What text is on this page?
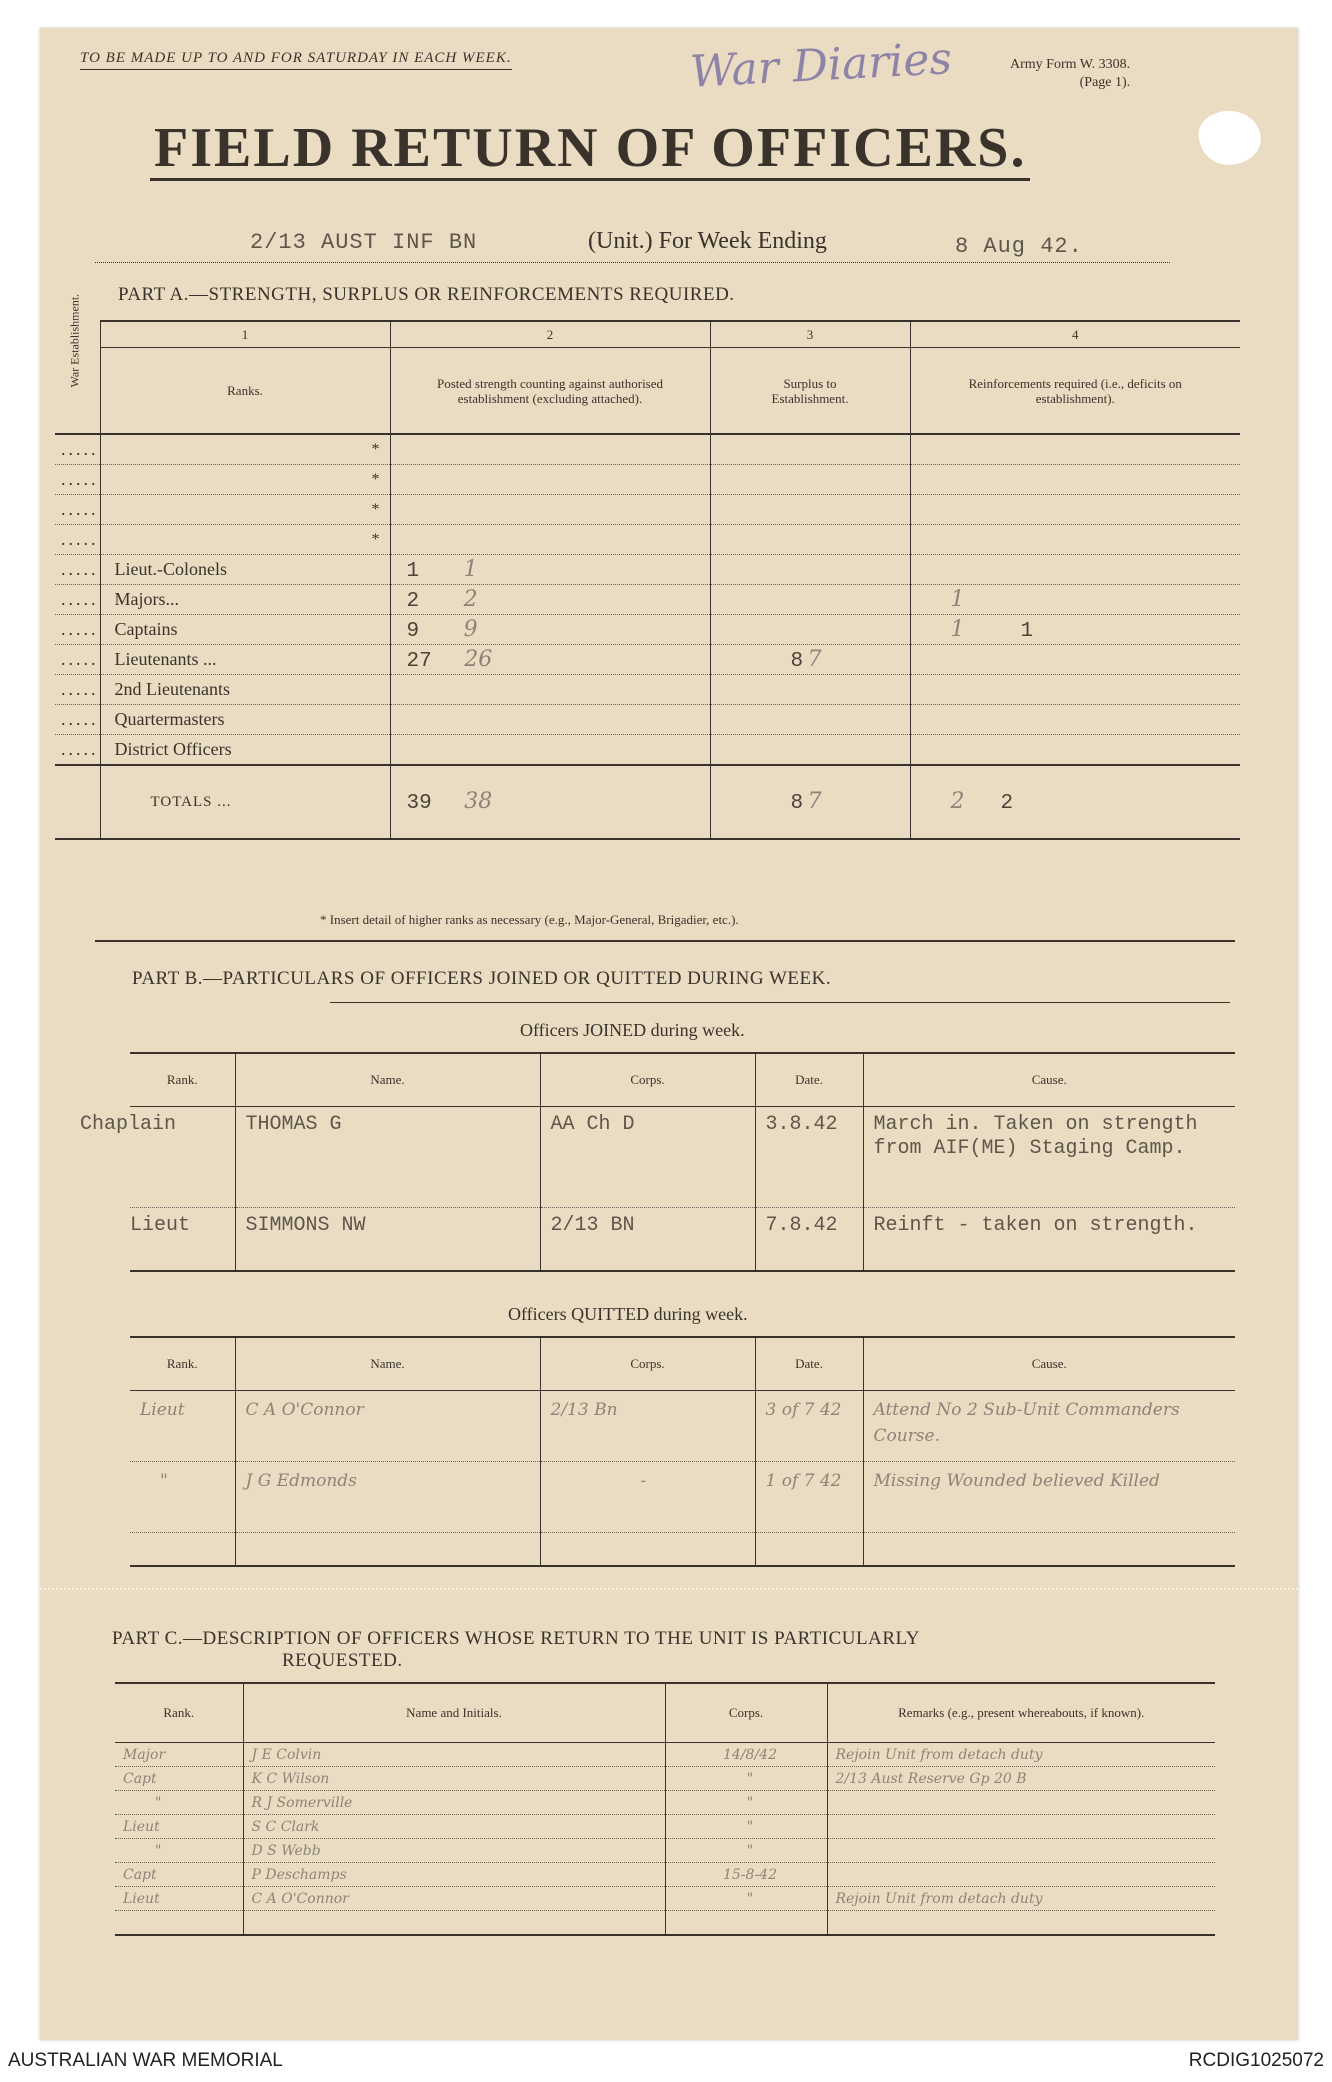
TO BE MADE UP TO AND FOR SATURDAY IN EACH WEEK.	War Diaries	Army Form W. 3308.
(Page 1).
FIELD RETURN OF OFFICERS.
2/13 AUST INF BN	(Unit.) For Week Ending	8 Aug 42.
PART A.—STRENGTH, SURPLUS OR REINFORCEMENTS REQUIRED.
War Establishment.	1	2	3	4
	Ranks.	Posted strength counting against authorised establishment (excluding attached).	Surplus to Establishment.	Reinforcements required (i.e., deficits on establishment).
.....	*			

.....	*			

.....	*			

.....	*			

.....	Lieut.-Colonels	1 1		
.....	Majors...	2 2		1
.....	Captains	9 9		1 1
.....	Lieutenants ...	27 26	8 7	
.....	2nd Lieutenants			
.....	Quartermasters			
.....	District Officers			
	TOTALS ...	39 38	8 7	2 2
* Insert detail of higher ranks as necessary (e.g., Major-General, Brigadier, etc.).
PART B.—PARTICULARS OF OFFICERS JOINED OR QUITTED DURING WEEK.
Officers JOINED during week.
Rank.	Name.	Corps.	Date.	Cause.

Chaplain	THOMAS G	AA Ch D	3.8.42	March in. Taken on strength from AIF(ME) Staging Camp.

Lieut	SIMMONS NW	2/13 BN	7.8.42	Reinft - taken on strength.
Officers QUITTED during week.
Rank.	Name.	Corps.	Date.	Cause.

Lieut	C A O'Connor	2/13 Bn	3 of 7 42	Attend No 2 Sub-Unit Commanders Course.

"	J G Edmonds	-	1 of 7 42	Missing Wounded believed Killed

PART C.—DESCRIPTION OF OFFICERS WHOSE RETURN TO THE UNIT IS PARTICULARLY
REQUESTED.
Rank.	Name and Initials.	Corps.	Remarks (e.g., present whereabouts, if known).
Major	J E Colvin	14/8/42	Rejoin Unit from detach duty
Capt	K C Wilson	"	2/13 Aust Reserve Gp 20 B
"	R J Somerville	"	
Lieut	S C Clark	"	
"	D S Webb	"	
Capt	P Deschamps	15-8-42	
Lieut	C A O'Connor	"	Rejoin Unit from detach duty

AUSTRALIAN WAR MEMORIAL	RCDIG1025072
